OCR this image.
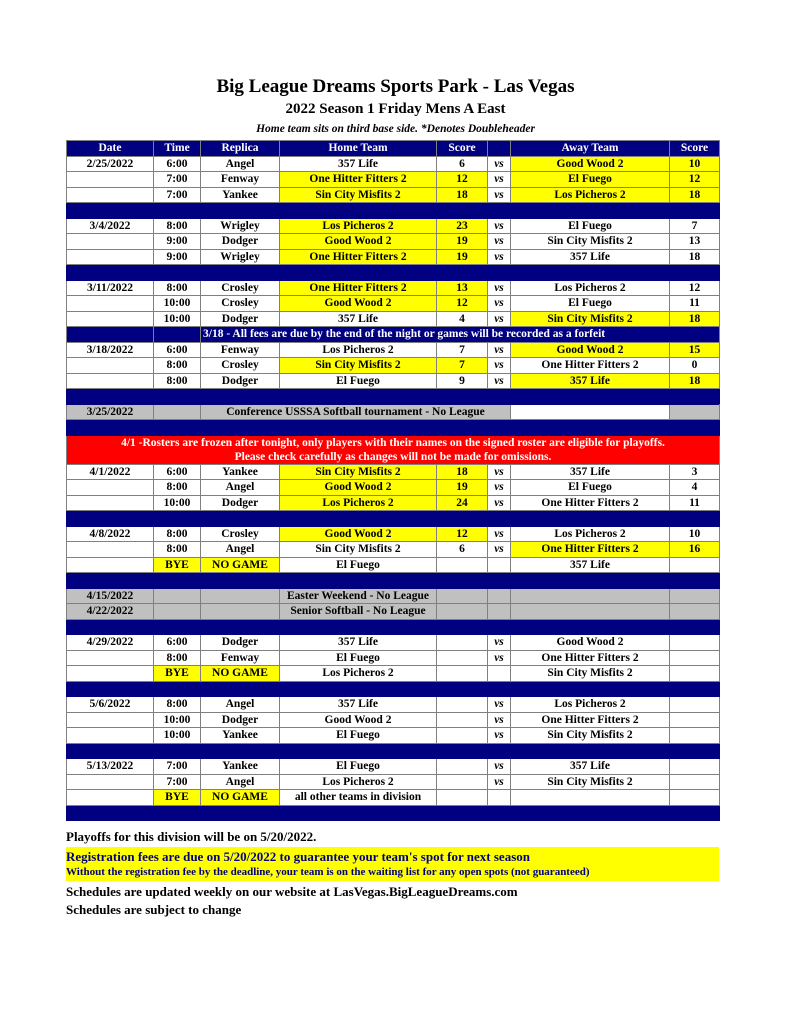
Big League Dreams Sports Park - Las Vegas
2022 Season 1 Friday Mens A East
Home team sits on third base side. *Denotes Doubleheader
Date	Time	Replica	Home Team	Score		Away Team	Score	
2/25/2022	6:00	Angel	357 Life	6	vs	Good Wood 2	10	
	7:00	Fenway	One Hitter Fitters 2	12	vs	El Fuego	12	
	7:00	Yankee	Sin City Misfits 2	18	vs	Los Picheros 2	18	

3/4/2022	8:00	Wrigley	Los Picheros 2	23	vs	El Fuego	7	
	9:00	Dodger	Good Wood 2	19	vs	Sin City Misfits 2	13	
	9:00	Wrigley	One Hitter Fitters 2	19	vs	357 Life	18	

3/11/2022	8:00	Crosley	One Hitter Fitters 2	13	vs	Los Picheros 2	12	
	10:00	Crosley	Good Wood 2	12	vs	El Fuego	11	
	10:00	Dodger	357 Life	4	vs	Sin City Misfits 2	18	
		3/18 - All fees are due by the end of the night or games will be recorded as a forfeit						
3/18/2022	6:00	Fenway	Los Picheros 2	7	vs	Good Wood 2	15	
	8:00	Crosley	Sin City Misfits 2	7	vs	One Hitter Fitters 2	0	
	8:00	Dodger	El Fuego	9	vs	357 Life	18	

3/25/2022		Conference USSSA Softball tournament - No League						

4/1 -Rosters are frozen after tonight, only players with their names on the signed roster are eligible for playoffs.
Please check carefully as changes will not be made for omissions.								

4/1/2022	6:00	Yankee	Sin City Misfits 2	18	vs	357 Life	3	
	8:00	Angel	Good Wood 2	19	vs	El Fuego	4	
	10:00	Dodger	Los Picheros 2	24	vs	One Hitter Fitters 2	11	

4/8/2022	8:00	Crosley	Good Wood 2	12	vs	Los Picheros 2	10	
	8:00	Angel	Sin City Misfits 2	6	vs	One Hitter Fitters 2	16	
	BYE	NO GAME	El Fuego			357 Life		

4/15/2022			Easter Weekend - No League					
4/22/2022			Senior Softball - No League					

4/29/2022	6:00	Dodger	357 Life		vs	Good Wood 2		
	8:00	Fenway	El Fuego		vs	One Hitter Fitters 2		
	BYE	NO GAME	Los Picheros 2			Sin City Misfits 2		

5/6/2022	8:00	Angel	357 Life		vs	Los Picheros 2		
	10:00	Dodger	Good Wood 2		vs	One Hitter Fitters 2		
	10:00	Yankee	El Fuego		vs	Sin City Misfits 2		

5/13/2022	7:00	Yankee	El Fuego		vs	357 Life		
	7:00	Angel	Los Picheros 2		vs	Sin City Misfits 2		
	BYE	NO GAME	all other teams in division					

Playoffs for this division will be on 5/20/2022.
Registration fees are due on 5/20/2022 to guarantee your team's spot for next season
Without the registration fee by the deadline, your team is on the waiting list for any open spots (not guaranteed)
Schedules are updated weekly on our website at LasVegas.BigLeagueDreams.com
Schedules are subject to change
